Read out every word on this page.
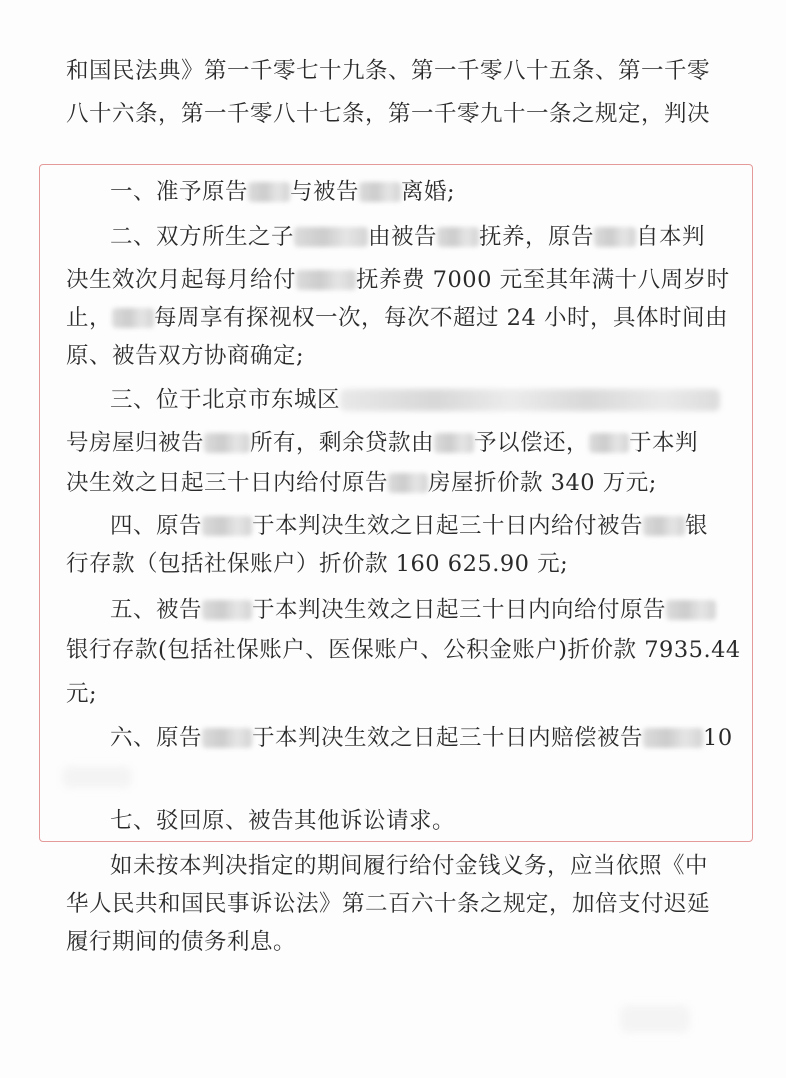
和国民法典》第一千零七十九条、第一千零八十五条、第一千零
八十六条，第一千零八十七条，第一千零九十一条之规定，判决
一、准予原告 与被告 离婚;
二、双方所生之子	由被告 抚养，原告 自本判
决生效次月起每月给付	抚养费 7000 元至其年满十八周岁时
止， 每周享有探视权一次，每次不超过 24 小时，具体时间由
原、被告双方协商确定;
三、位于北京市东城区
号房屋归被告 所有，剩余贷款由 予以偿还， 于本判
决生效之日起三十日内给付原告 房屋折价款 340 万元;
四、原告 于本判决生效之日起三十日内给付被告 银
行存款（包括社保账户）折价款 160 625.90 元;
五、被告 于本判决生效之日起三十日内向给付原告
银行存款(包括社保账户、医保账户、公积金账户)折价款 7935.44
元;
六、原告 于本判决生效之日起三十日内赔偿被告	10
七、驳回原、被告其他诉讼请求。
如未按本判决指定的期间履行给付金钱义务，应当依照《中
华人民共和国民事诉讼法》第二百六十条之规定，加倍支付迟延
履行期间的债务利息。
